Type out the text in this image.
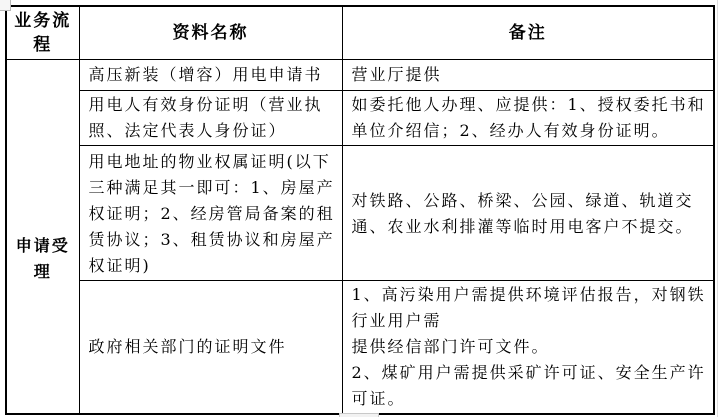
业务流程	资料名称	备注
申请受理	高压新装（增容）用电申请书	营业厅提供
	用电人有效身份证明（营业执照、法定代表人身份证）	如委托他人办理、应提供：1、授权委托书和单位介绍信；2、经办人有效身份证明。
	用电地址的物业权属证明(以下三种满足其一即可：1、房屋产权证明；2、经房管局备案的租赁协议；3、租赁协议和房屋产权证明)	对铁路、公路、桥梁、公园、绿道、轨道交通、农业水利排灌等临时用电客户不提交。
	政府相关部门的证明文件	1、高污染用户需提供环境评估报告，对钢铁行业用户需
提供经信部门许可文件。
2、煤矿用户需提供采矿许可证、安全生产许可证。
